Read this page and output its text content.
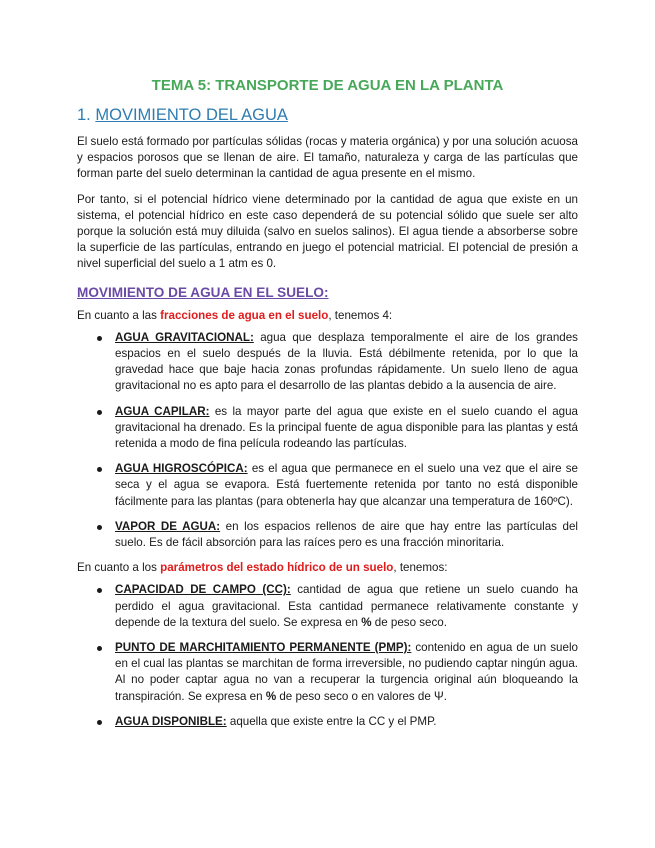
TEMA 5: TRANSPORTE DE AGUA EN LA PLANTA
1. MOVIMIENTO DEL AGUA

El suelo está formado por partículas sólidas (rocas y materia orgánica) y por una solución acuosa y espacios porosos que se llenan de aire. El tamaño, naturaleza y carga de las partículas que forman parte del suelo determinan la cantidad de agua presente en el mismo.

Por tanto, si el potencial hídrico viene determinado por la cantidad de agua que existe en un sistema, el potencial hídrico en este caso dependerá de su potencial sólido que suele ser alto porque la solución está muy diluida (salvo en suelos salinos). El agua tiende a absorberse sobre la superficie de las partículas, entrando en juego el potencial matricial. El potencial de presión a nivel superficial del suelo a 1 atm es 0.

MOVIMIENTO DE AGUA EN EL SUELO:

En cuanto a las fracciones de agua en el suelo, tenemos 4:

AGUA GRAVITACIONAL: agua que desplaza temporalmente el aire de los grandes espacios en el suelo después de la lluvia. Está débilmente retenida, por lo que la gravedad hace que baje hacia zonas profundas rápidamente. Un suelo lleno de agua gravitacional no es apto para el desarrollo de las plantas debido a la ausencia de aire.

AGUA CAPILAR: es la mayor parte del agua que existe en el suelo cuando el agua gravitacional ha drenado. Es la principal fuente de agua disponible para las plantas y está retenida a modo de fina película rodeando las partículas.

AGUA HIGROSCÓPICA: es el agua que permanece en el suelo una vez que el aire se seca y el agua se evapora. Está fuertemente retenida por tanto no está disponible fácilmente para las plantas (para obtenerla hay que alcanzar una temperatura de 160ºC).

VAPOR DE AGUA: en los espacios rellenos de aire que hay entre las partículas del suelo. Es de fácil absorción para las raíces pero es una fracción minoritaria.

En cuanto a los parámetros del estado hídrico de un suelo, tenemos:

CAPACIDAD DE CAMPO (CC): cantidad de agua que retiene un suelo cuando ha perdido el agua gravitacional. Esta cantidad permanece relativamente constante y depende de la textura del suelo. Se expresa en % de peso seco.

PUNTO DE MARCHITAMIENTO PERMANENTE (PMP): contenido en agua de un suelo en el cual las plantas se marchitan de forma irreversible, no pudiendo captar ningún agua. Al no poder captar agua no van a recuperar la turgencia original aún bloqueando la transpiración. Se expresa en % de peso seco o en valores de Ψ.

AGUA DISPONIBLE: aquella que existe entre la CC y el PMP.
